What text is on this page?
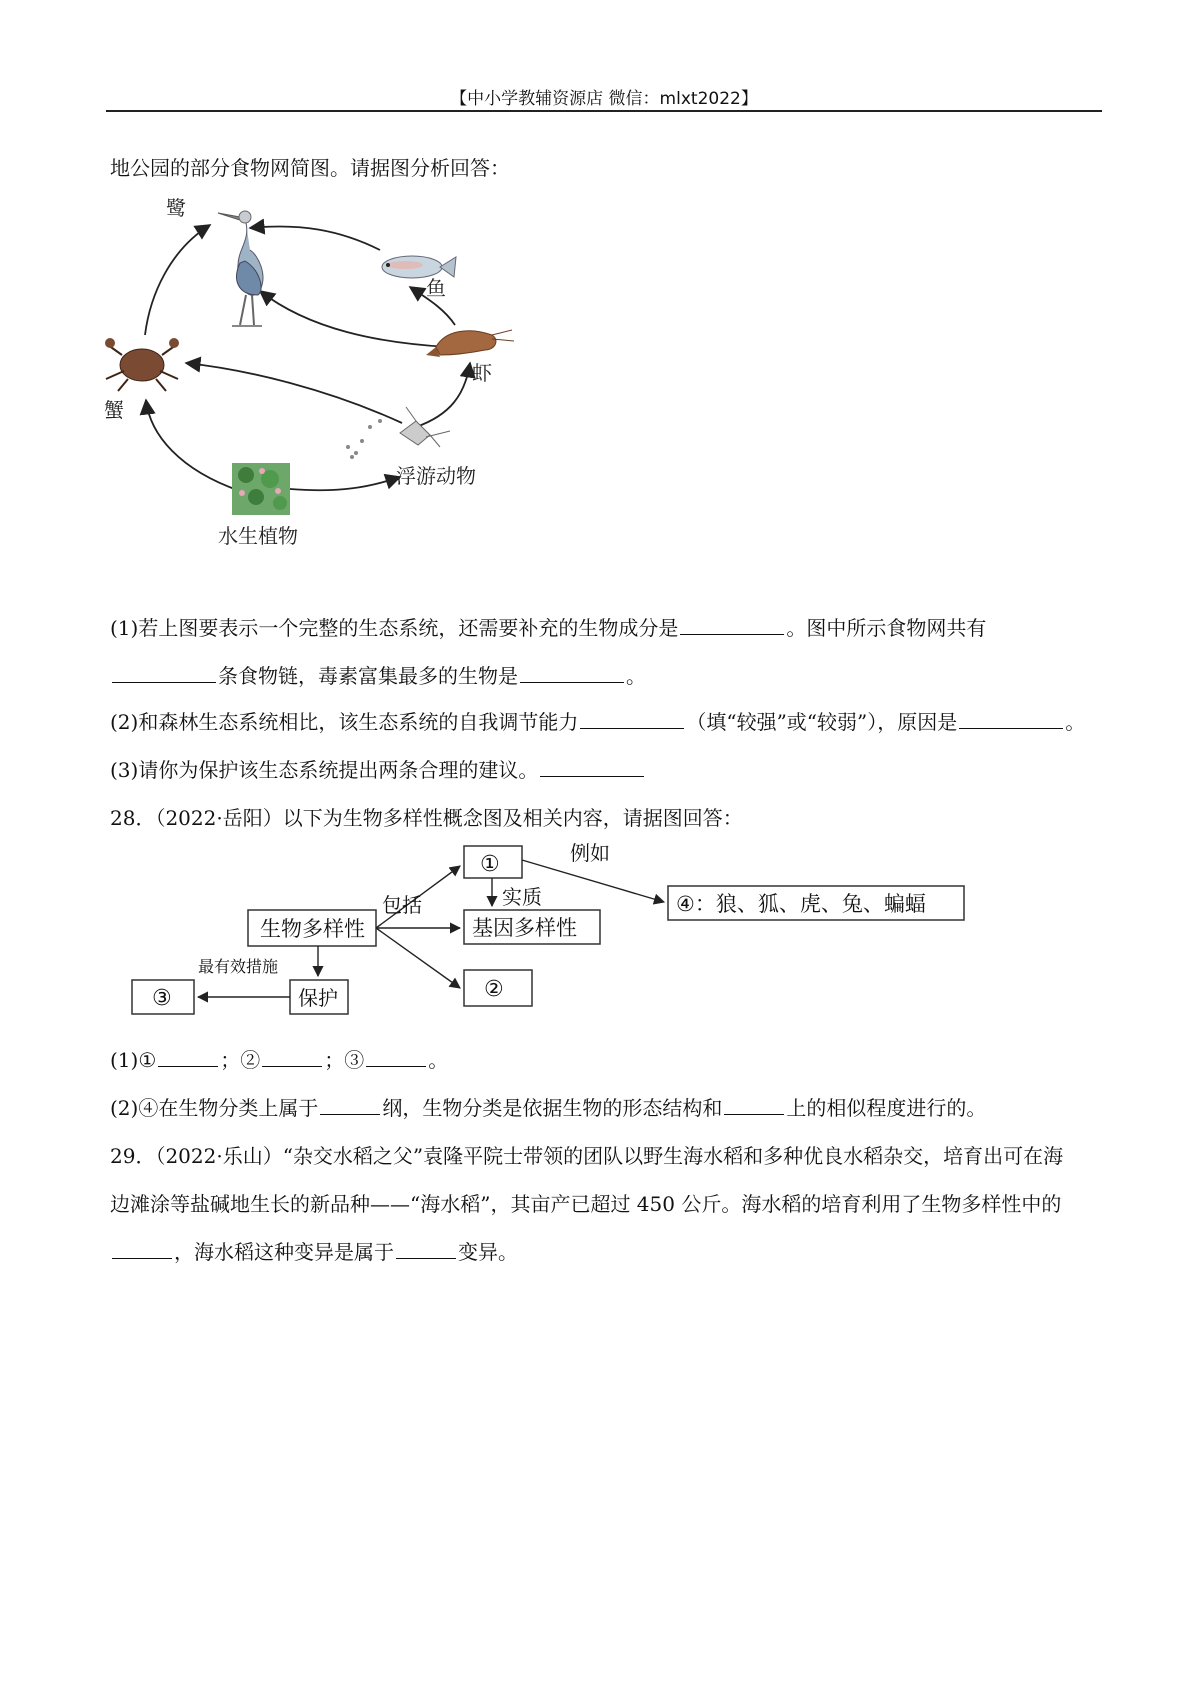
【中小学教辅资源店 微信：mlxt2022】
地公园的部分食物网简图。请据图分析回答：
鹭
鱼
虾
蟹
浮游动物
水生植物
(1)若上图要表示一个完整的生态系统，还需要补充的生物成分是	。图中所示食物网共有
条食物链，毒素富集最多的生物是	。
(2)和森林生态系统相比，该生态系统的自我调节能力	（填“较强”或“较弱”），原因是	。
(3)请你为保护该生态系统提出两条合理的建议。
28．（2022·岳阳）以下为生物多样性概念图及相关内容，请据图回答：
生物多样性
包括
①	例如
实质
基因多样性
②
④：狼、狐、虎、兔、蝙蝠
最有效措施
保护
③
(1)①	；②	；③	。
(2)④在生物分类上属于	纲，生物分类是依据生物的形态结构和	上的相似程度进行的。
29．（2022·乐山）“杂交水稻之父”袁隆平院士带领的团队以野生海水稻和多种优良水稻杂交，培育出可在海
边滩涂等盐碱地生长的新品种——“海水稻”，其亩产已超过 450 公斤。海水稻的培育利用了生物多样性中的
，海水稻这种变异是属于	变异。
